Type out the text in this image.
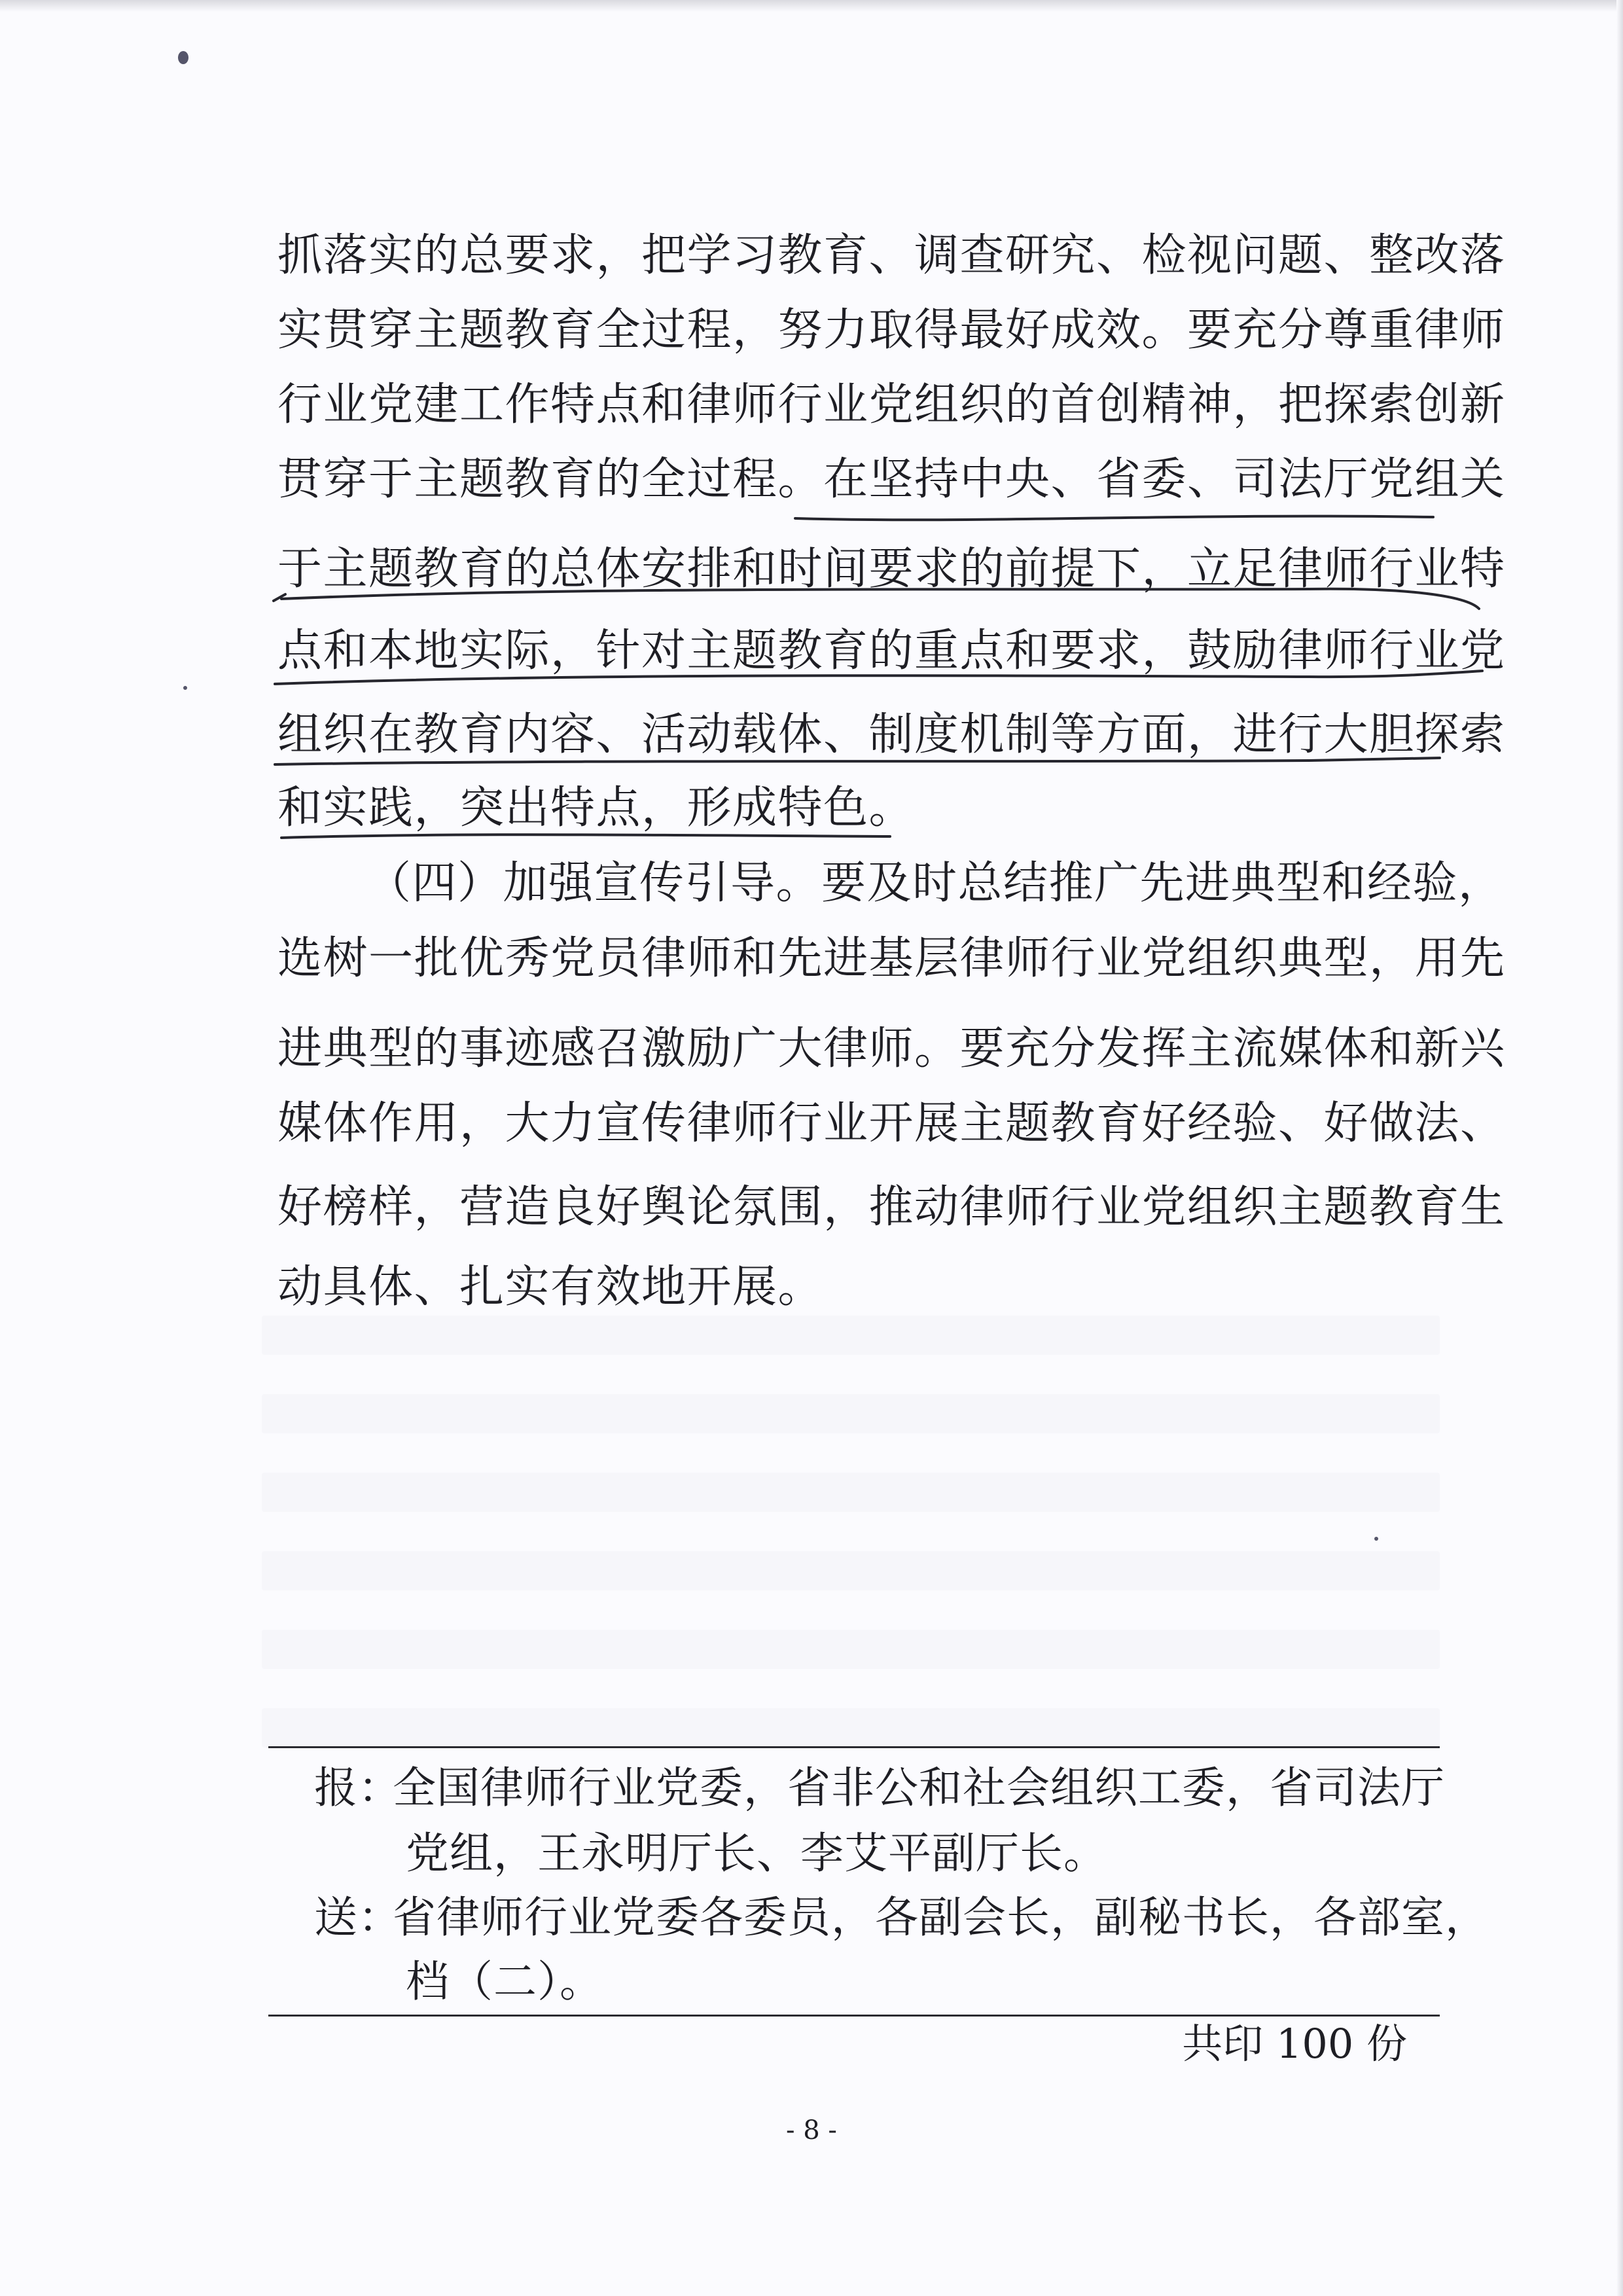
抓落实的总要求，把学习教育、调查研究、检视问题、整改落
实贯穿主题教育全过程，努力取得最好成效。要充分尊重律师
行业党建工作特点和律师行业党组织的首创精神，把探索创新
贯穿于主题教育的全过程。在坚持中央、省委、司法厅党组关
于主题教育的总体安排和时间要求的前提下，立足律师行业特
点和本地实际，针对主题教育的重点和要求，鼓励律师行业党
组织在教育内容、活动载体、制度机制等方面，进行大胆探索
和实践，突出特点，形成特色。
（四）加强宣传引导。要及时总结推广先进典型和经验，
选树一批优秀党员律师和先进基层律师行业党组织典型，用先
进典型的事迹感召激励广大律师。要充分发挥主流媒体和新兴
媒体作用，大力宣传律师行业开展主题教育好经验、好做法、
好榜样，营造良好舆论氛围，推动律师行业党组织主题教育生
动具体、扎实有效地开展。
报：
全国律师行业党委，省非公和社会组织工委，省司法厅
党组，王永明厅长、李艾平副厅长。
送：
省律师行业党委各委员，各副会长，副秘书长，各部室，
档（二）。
共印 100 份
- 8 -
